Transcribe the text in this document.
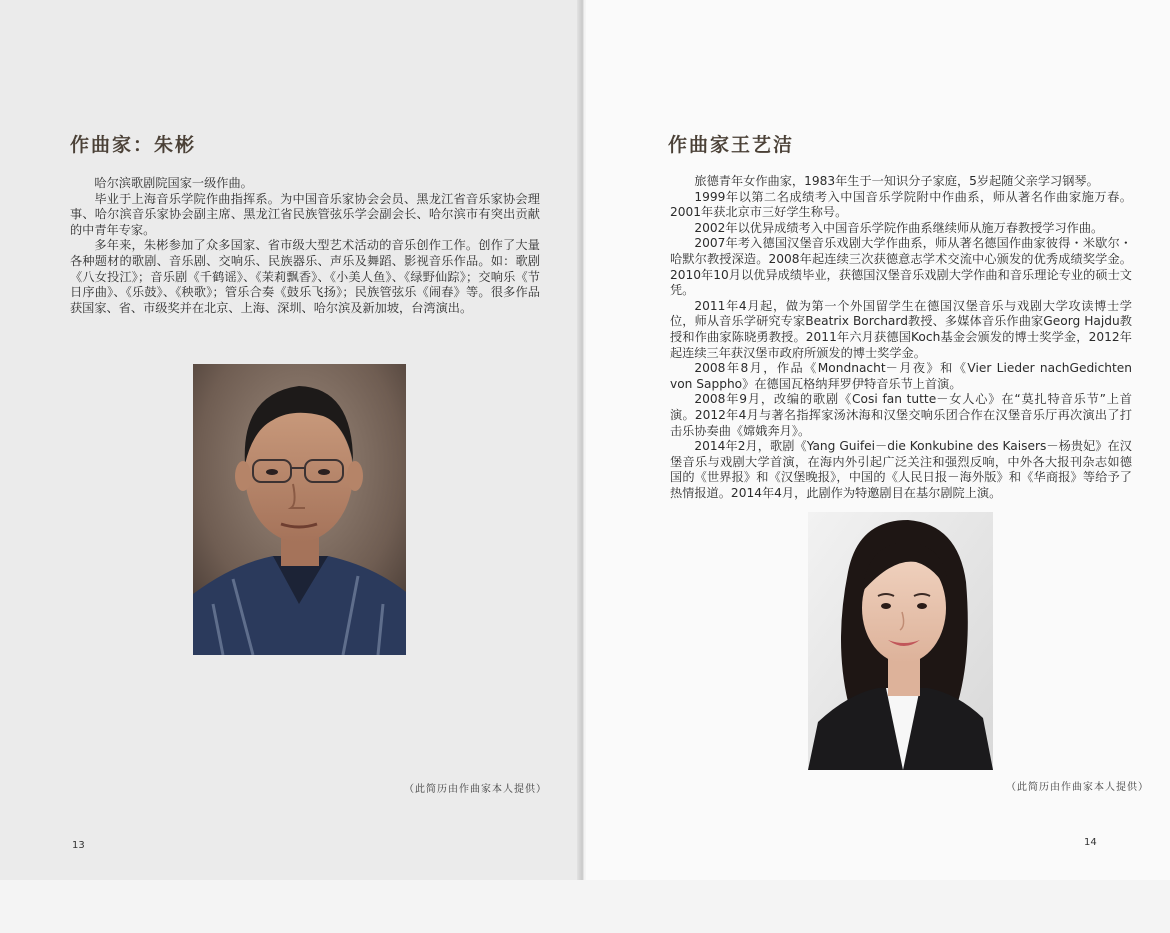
作曲家：朱彬

哈尔滨歌剧院国家一级作曲。

毕业于上海音乐学院作曲指挥系。为中国音乐家协会会员、黑龙江省音乐家协会理事、哈尔滨音乐家协会副主席、黑龙江省民族管弦乐学会副会长、哈尔滨市有突出贡献的中青年专家。

多年来，朱彬参加了众多国家、省市级大型艺术活动的音乐创作工作。创作了大量各种题材的歌剧、音乐剧、交响乐、民族器乐、声乐及舞蹈、影视音乐作品。如：歌剧《八女投江》；音乐剧《千鹤谣》、《茉莉飘香》、《小美人鱼》、《绿野仙踪》；交响乐《节日序曲》、《乐鼓》、《秧歌》；管乐合奏《鼓乐飞扬》；民族管弦乐《闹春》等。很多作品获国家、省、市级奖并在北京、上海、深圳、哈尔滨及新加坡，台湾演出。

（此简历由作曲家本人提供）
13
作曲家王艺洁

旅德青年女作曲家，1983年生于一知识分子家庭，5岁起随父亲学习钢琴。

1999年以第二名成绩考入中国音乐学院附中作曲系，师从著名作曲家施万春。2001年获北京市三好学生称号。

2002年以优异成绩考入中国音乐学院作曲系继续师从施万春教授学习作曲。

2007年考入德国汉堡音乐戏剧大学作曲系，师从著名德国作曲家彼得・米歇尔・哈默尔教授深造。2008年起连续三次获德意志学术交流中心颁发的优秀成绩奖学金。2010年10月以优异成绩毕业，获德国汉堡音乐戏剧大学作曲和音乐理论专业的硕士文凭。

2011年4月起，做为第一个外国留学生在德国汉堡音乐与戏剧大学攻读博士学位，师从音乐学研究专家Beatrix Borchard教授、多媒体音乐作曲家Georg Hajdu教授和作曲家陈晓勇教授。2011年六月获德国Koch基金会颁发的博士奖学金，2012年起连续三年获汉堡市政府所颁发的博士奖学金。

2008年8月，作品《Mondnacht－月夜》和《Vier Lieder nachGedichten von Sappho》在德国瓦格纳拜罗伊特音乐节上首演。

2008年9月，改编的歌剧《Cosi fan tutte－女人心》在“莫扎特音乐节”上首演。2012年4月与著名指挥家汤沐海和汉堡交响乐团合作在汉堡音乐厅再次演出了打击乐协奏曲《嫦娥奔月》。

2014年2月，歌剧《Yang Guifei－die Konkubine des Kaisers－杨贵妃》在汉堡音乐与戏剧大学首演，在海内外引起广泛关注和强烈反响，中外各大报刊杂志如德国的《世界报》和《汉堡晚报》，中国的《人民日报－海外版》和《华商报》等给予了热情报道。2014年4月，此剧作为特邀剧目在基尔剧院上演。

（此简历由作曲家本人提供）
14
